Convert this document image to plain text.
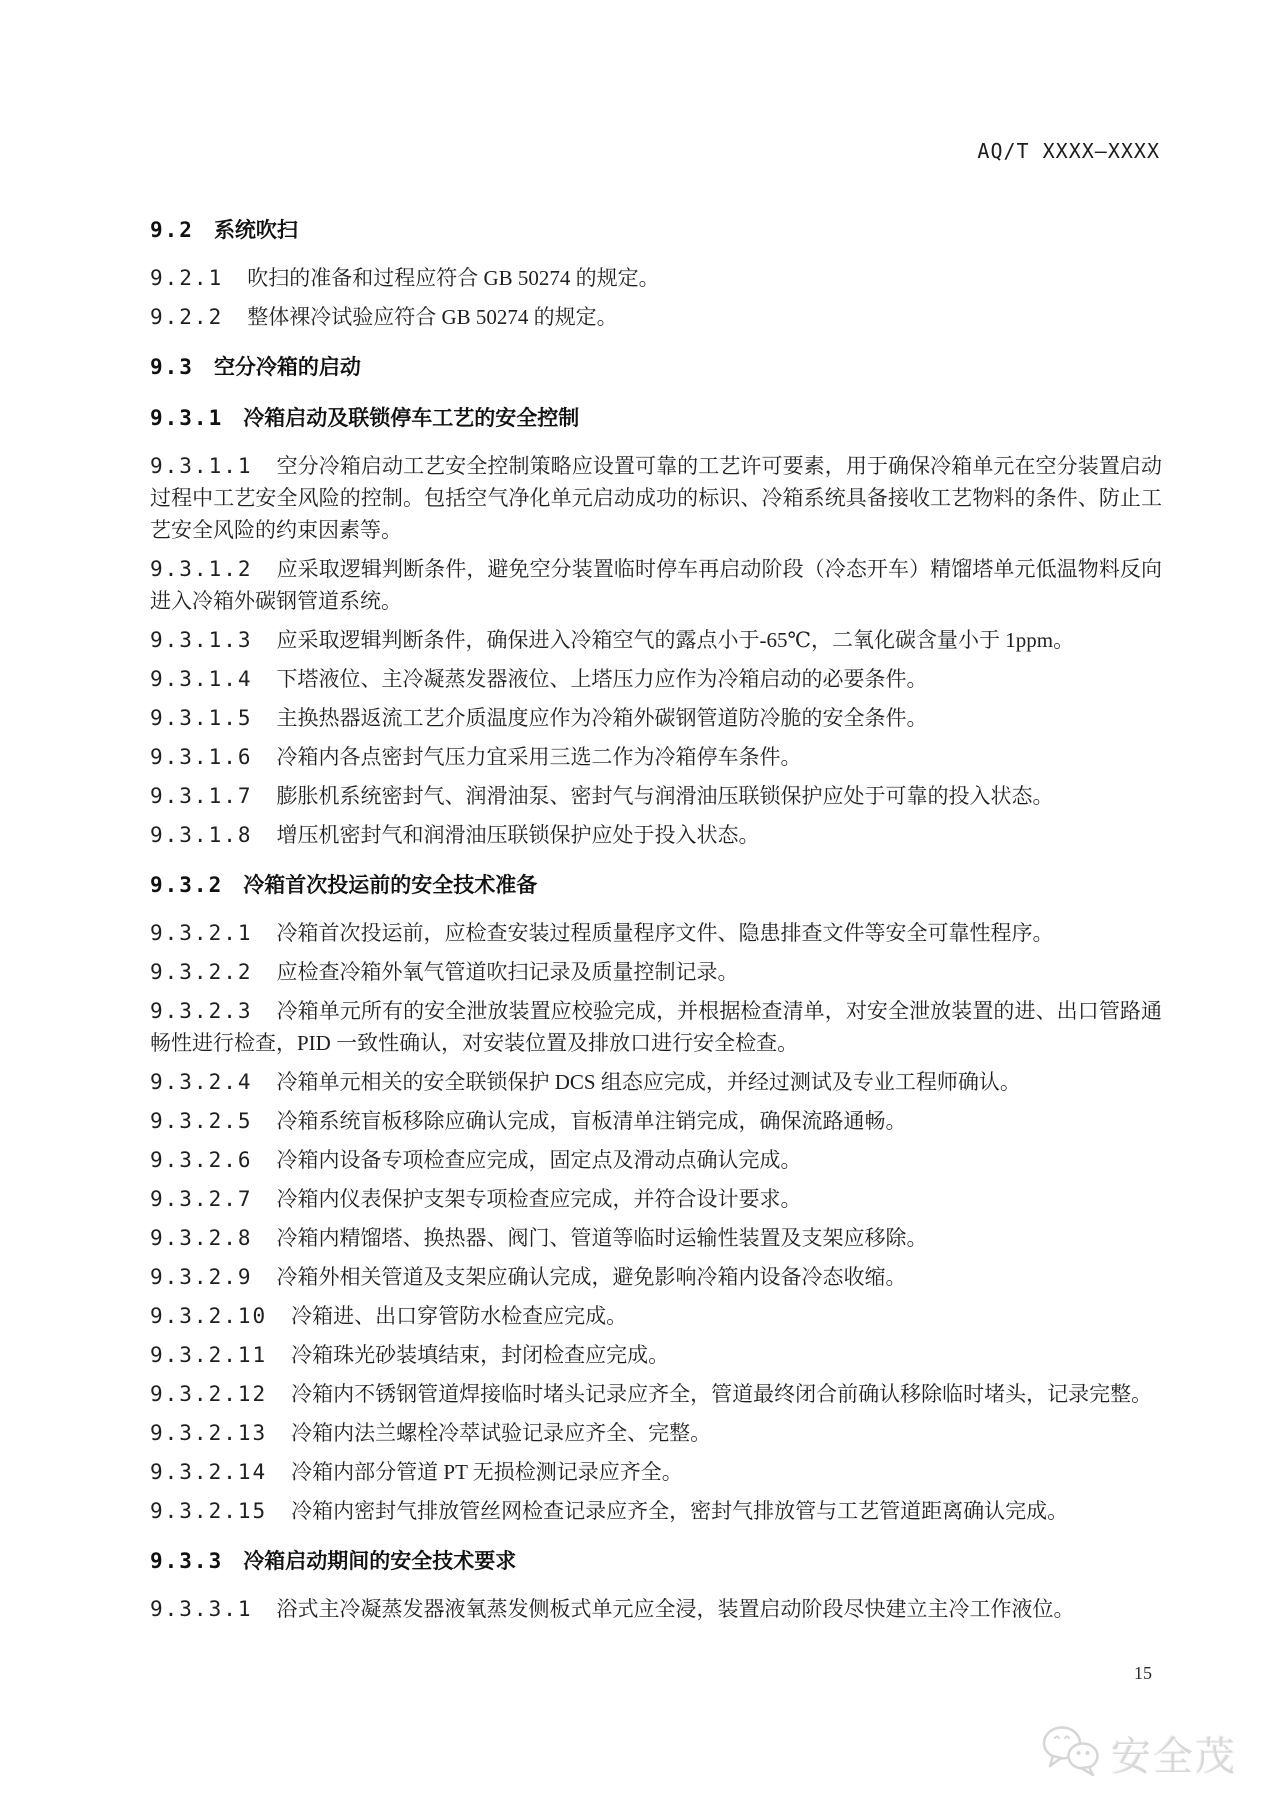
AQ/T XXXX—XXXX
9.2 系统吹扫

9.2.1 吹扫的准备和过程应符合 GB 50274 的规定。

9.2.2 整体裸冷试验应符合 GB 50274 的规定。

9.3 空分冷箱的启动
9.3.1 冷箱启动及联锁停车工艺的安全控制

9.3.1.1 空分冷箱启动工艺安全控制策略应设置可靠的工艺许可要素，用于确保冷箱单元在空分装置启动过程中工艺安全风险的控制。包括空气净化单元启动成功的标识、冷箱系统具备接收工艺物料的条件、防止工艺安全风险的约束因素等。

9.3.1.2 应采取逻辑判断条件，避免空分装置临时停车再启动阶段（冷态开车）精馏塔单元低温物料反向进入冷箱外碳钢管道系统。

9.3.1.3 应采取逻辑判断条件，确保进入冷箱空气的露点小于-65℃，二氧化碳含量小于 1ppm。

9.3.1.4 下塔液位、主冷凝蒸发器液位、上塔压力应作为冷箱启动的必要条件。

9.3.1.5 主换热器返流工艺介质温度应作为冷箱外碳钢管道防冷脆的安全条件。

9.3.1.6 冷箱内各点密封气压力宜采用三选二作为冷箱停车条件。

9.3.1.7 膨胀机系统密封气、润滑油泵、密封气与润滑油压联锁保护应处于可靠的投入状态。

9.3.1.8 增压机密封气和润滑油压联锁保护应处于投入状态。

9.3.2 冷箱首次投运前的安全技术准备

9.3.2.1 冷箱首次投运前，应检查安装过程质量程序文件、隐患排查文件等安全可靠性程序。

9.3.2.2 应检查冷箱外氧气管道吹扫记录及质量控制记录。

9.3.2.3 冷箱单元所有的安全泄放装置应校验完成，并根据检查清单，对安全泄放装置的进、出口管路通畅性进行检查，PID 一致性确认，对安装位置及排放口进行安全检查。

9.3.2.4 冷箱单元相关的安全联锁保护 DCS 组态应完成，并经过测试及专业工程师确认。

9.3.2.5 冷箱系统盲板移除应确认完成，盲板清单注销完成，确保流路通畅。

9.3.2.6 冷箱内设备专项检查应完成，固定点及滑动点确认完成。

9.3.2.7 冷箱内仪表保护支架专项检查应完成，并符合设计要求。

9.3.2.8 冷箱内精馏塔、换热器、阀门、管道等临时运输性装置及支架应移除。

9.3.2.9 冷箱外相关管道及支架应确认完成，避免影响冷箱内设备冷态收缩。

9.3.2.10 冷箱进、出口穿管防水检查应完成。

9.3.2.11 冷箱珠光砂装填结束，封闭检查应完成。

9.3.2.12 冷箱内不锈钢管道焊接临时堵头记录应齐全，管道最终闭合前确认移除临时堵头，记录完整。

9.3.2.13 冷箱内法兰螺栓冷萃试验记录应齐全、完整。

9.3.2.14 冷箱内部分管道 PT 无损检测记录应齐全。

9.3.2.15 冷箱内密封气排放管丝网检查记录应齐全，密封气排放管与工艺管道距离确认完成。

9.3.3 冷箱启动期间的安全技术要求

9.3.3.1 浴式主冷凝蒸发器液氧蒸发侧板式单元应全浸，装置启动阶段尽快建立主冷工作液位。

15
安全茂
